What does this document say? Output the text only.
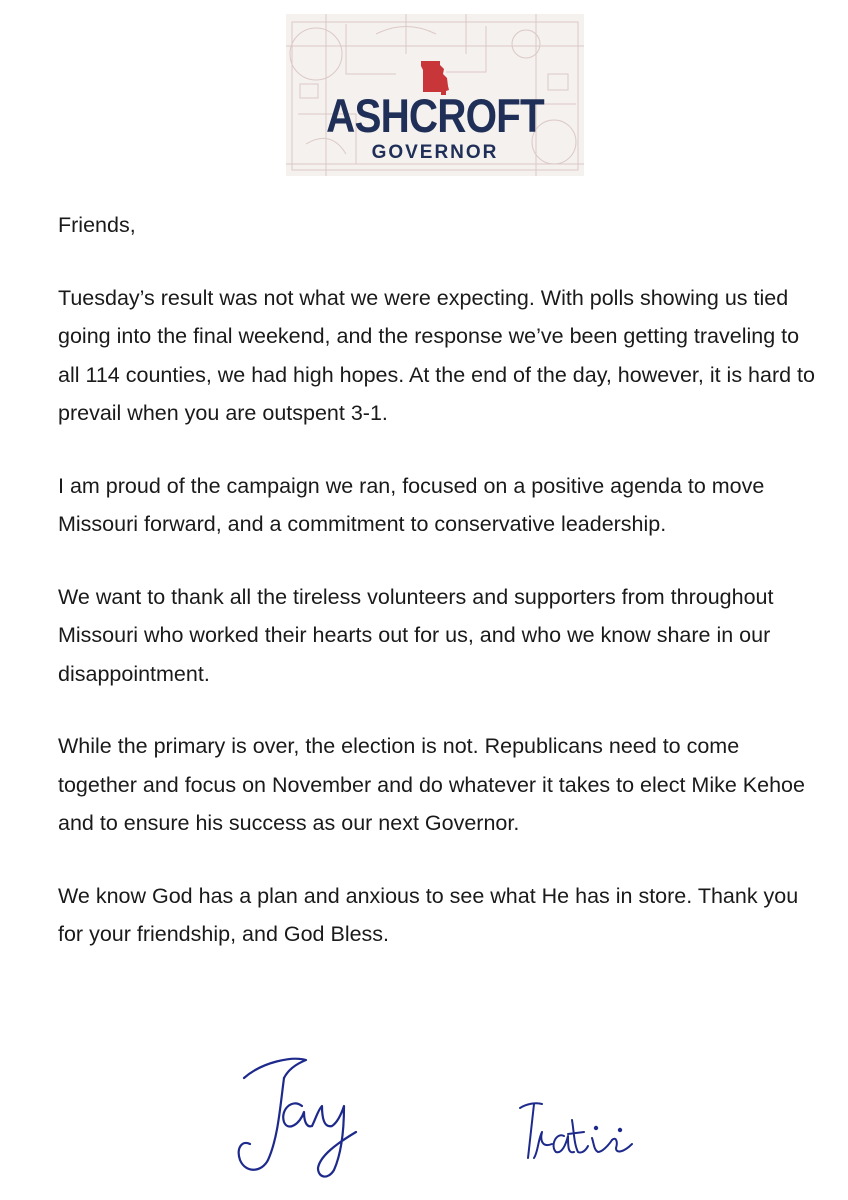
ASHCROFT
GOVERNOR

Friends,

Tuesday’s result was not what we were expecting. With polls showing us tied going into the final weekend, and the response we’ve been getting traveling to all 114 counties, we had high hopes. At the end of the day, however, it is hard to prevail when you are outspent 3-1.

I am proud of the campaign we ran, focused on a positive agenda to move Missouri forward, and a commitment to conservative leadership.

We want to thank all the tireless volunteers and supporters from throughout Missouri who worked their hearts out for us, and who we know share in our disappointment.

While the primary is over, the election is not. Republicans need to come together and focus on November and do whatever it takes to elect Mike Kehoe and to ensure his success as our next Governor.

We know God has a plan and anxious to see what He has in store. Thank you for your friendship, and God Bless.
